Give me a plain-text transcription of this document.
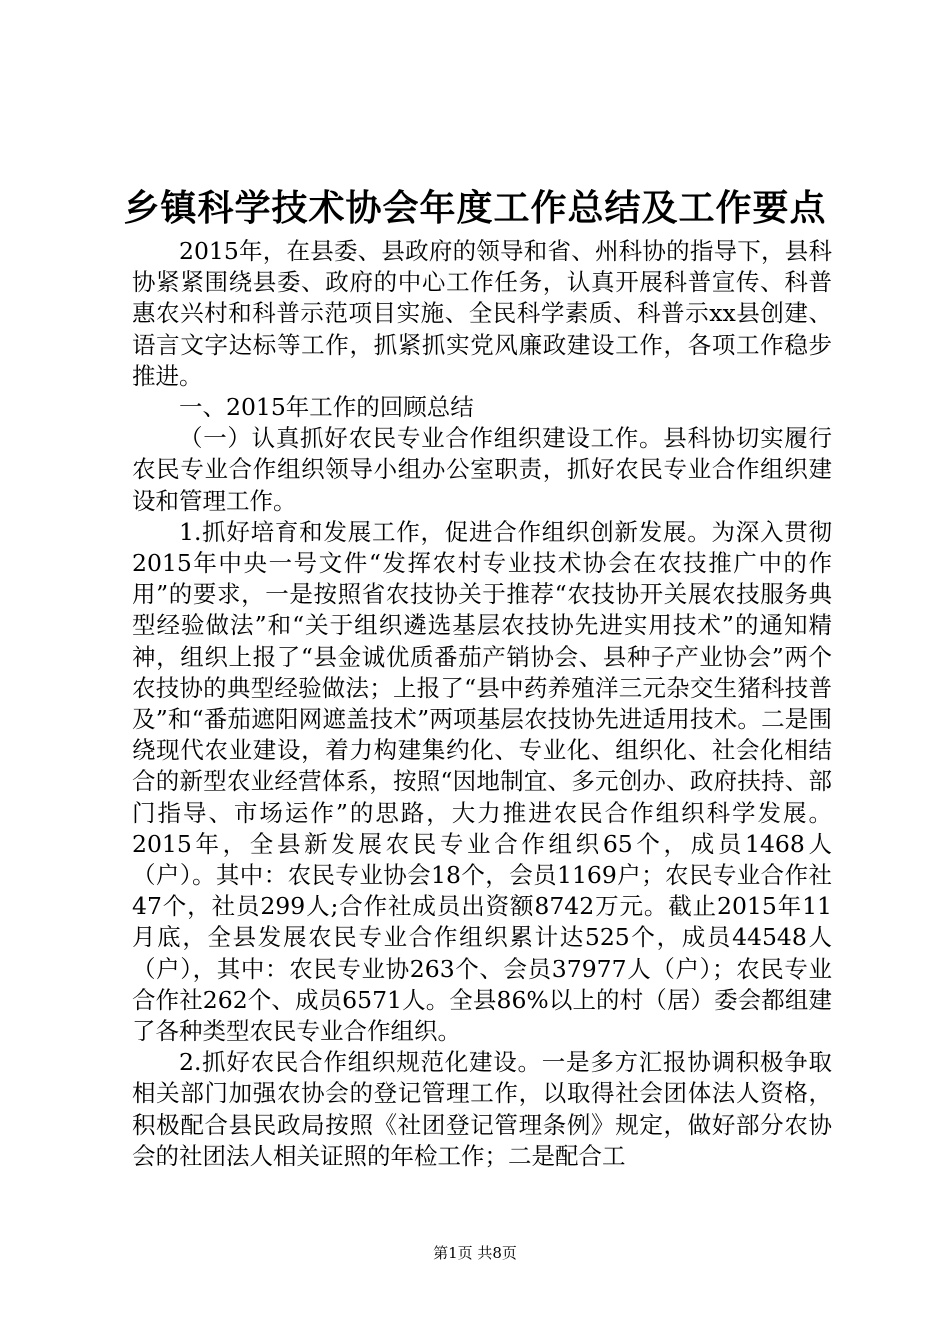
乡镇科学技术协会年度工作总结及工作要点

2015年，在县委、县政府的领导和省、州科协的指导下，县科协紧紧围绕县委、政府的中心工作任务，认真开展科普宣传、科普惠农兴村和科普示范项目实施、全民科学素质、科普示xx县创建、语言文字达标等工作，抓紧抓实党风廉政建设工作，各项工作稳步推进。

一、2015年工作的回顾总结

（一）认真抓好农民专业合作组织建设工作。县科协切实履行农民专业合作组织领导小组办公室职责，抓好农民专业合作组织建设和管理工作。

1.抓好培育和发展工作，促进合作组织创新发展。为深入贯彻2015年中央一号文件“发挥农村专业技术协会在农技推广中的作用”的要求，一是按照省农技协关于推荐“农技协开关展农技服务典型经验做法”和“关于组织遴选基层农技协先进实用技术”的通知精神，组织上报了“县金诚优质番茄产销协会、县种子产业协会”两个农技协的典型经验做法；上报了“县中药养殖洋三元杂交生猪科技普及”和“番茄遮阳网遮盖技术”两项基层农技协先进适用技术。二是围绕现代农业建设，着力构建集约化、专业化、组织化、社会化相结合的新型农业经营体系，按照“因地制宜、多元创办、政府扶持、部门指导、市场运作”的思路，大力推进农民合作组织科学发展。2015年，全县新发展农民专业合作组织65个，成员1468人（户）。其中：农民专业协会18个，会员1169户；农民专业合作社47个，社员299人;合作社成员出资额8742万元。截止2015年11月底，全县发展农民专业合作组织累计达525个，成员44548人（户），其中：农民专业协263个、会员37977人（户）；农民专业合作社262个、成员6571人。全县86%以上的村（居）委会都组建了各种类型农民专业合作组织。

2.抓好农民合作组织规范化建设。一是多方汇报协调积极争取相关部门加强农协会的登记管理工作，以取得社会团体法人资格，积极配合县民政局按照《社团登记管理条例》规定，做好部分农协会的社团法人相关证照的年检工作；二是配合工

第1页 共8页
